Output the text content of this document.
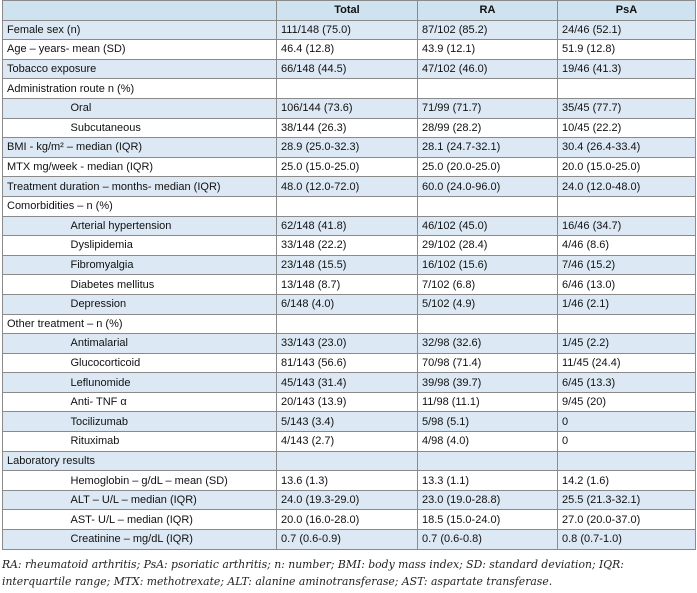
		Total	RA	PsA
Female sex (n)		111/148 (75.0)	87/102 (85.2)	24/46 (52.1)
Age – years- mean (SD)		46.4 (12.8)	43.9 (12.1)	51.9 (12.8)
Tobacco exposure		66/148 (44.5)	47/102 (46.0)	19/46 (41.3)
Administration route n (%)				
	Oral	106/144 (73.6)	71/99 (71.7)	35/45 (77.7)
	Subcutaneous	38/144 (26.3)	28/99 (28.2)	10/45 (22.2)
BMI - kg/m² – median (IQR)		28.9 (25.0-32.3)	28.1 (24.7-32.1)	30.4 (26.4-33.4)
MTX mg/week - median (IQR)		25.0 (15.0-25.0)	25.0 (20.0-25.0)	20.0 (15.0-25.0)
Treatment duration – months- median (IQR)		48.0 (12.0-72.0)	60.0 (24.0-96.0)	24.0 (12.0-48.0)
Comorbidities – n (%)				
	Arterial hypertension	62/148 (41.8)	46/102 (45.0)	16/46 (34.7)
	Dyslipidemia	33/148 (22.2)	29/102 (28.4)	4/46 (8.6)
	Fibromyalgia	23/148 (15.5)	16/102 (15.6)	7/46 (15.2)
	Diabetes mellitus	13/148 (8.7)	7/102 (6.8)	6/46 (13.0)
	Depression	6/148 (4.0)	5/102 (4.9)	1/46 (2.1)
Other treatment – n (%)				
	Antimalarial	33/143 (23.0)	32/98 (32.6)	1/45 (2.2)
	Glucocorticoid	81/143 (56.6)	70/98 (71.4)	11/45 (24.4)
	Leflunomide	45/143 (31.4)	39/98 (39.7)	6/45 (13.3)
	Anti- TNF α	20/143 (13.9)	11/98 (11.1)	9/45 (20)
	Tocilizumab	5/143 (3.4)	5/98 (5.1)	0
	Rituximab	4/143 (2.7)	4/98 (4.0)	0
Laboratory results				
	Hemoglobin – g/dL – mean (SD)	13.6 (1.3)	13.3 (1.1)	14.2 (1.6)
	ALT – U/L – median (IQR)	24.0 (19.3-29.0)	23.0 (19.0-28.8)	25.5 (21.3-32.1)
	AST- U/L – median (IQR)	20.0 (16.0-28.0)	18.5 (15.0-24.0)	27.0 (20.0-37.0)
	Creatinine – mg/dL (IQR)	0.7 (0.6-0.9)	0.7 (0.6-0.8)	0.8 (0.7-1.0)

RA: rheumatoid arthritis; PsA: psoriatic arthritis; n: number; BMI: body mass index; SD: standard deviation; IQR: interquartile range; MTX: methotrexate; ALT: alanine aminotransferase; AST: aspartate transferase.
